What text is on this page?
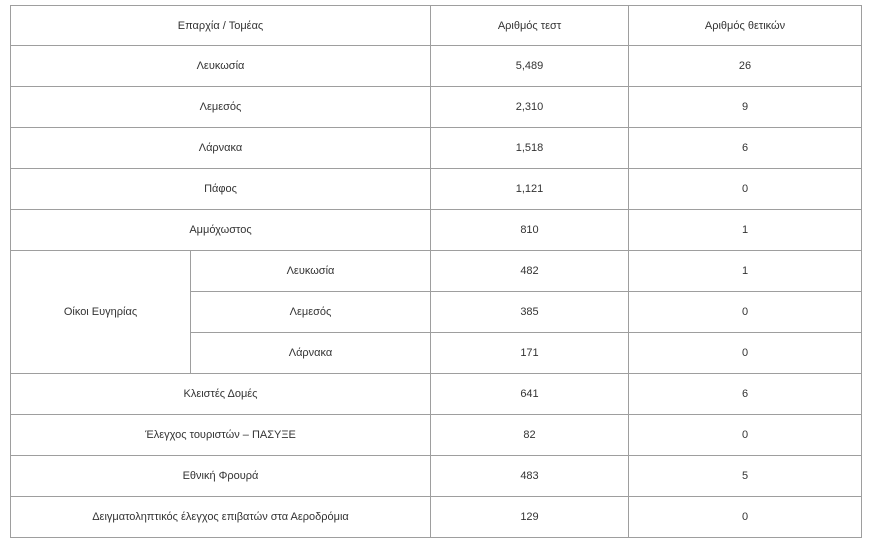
Επαρχία / Τομέας		Αριθμός τεστ	Αριθμός θετικών
Λευκωσία		5,489	26
Λεμεσός		2,310	9
Λάρνακα		1,518	6
Πάφος		1,121	0
Αμμόχωστος		810	1
Οίκοι Ευγηρίας	Λευκωσία	482	1
	Λεμεσός	385	0
	Λάρνακα	171	0
Κλειστές Δομές		641	6
Έλεγχος τουριστών – ΠΑΣΥΞΕ		82	0
Εθνική Φρουρά		483	5
Δειγματοληπτικός έλεγχος επιβατών στα Αεροδρόμια		129	0
